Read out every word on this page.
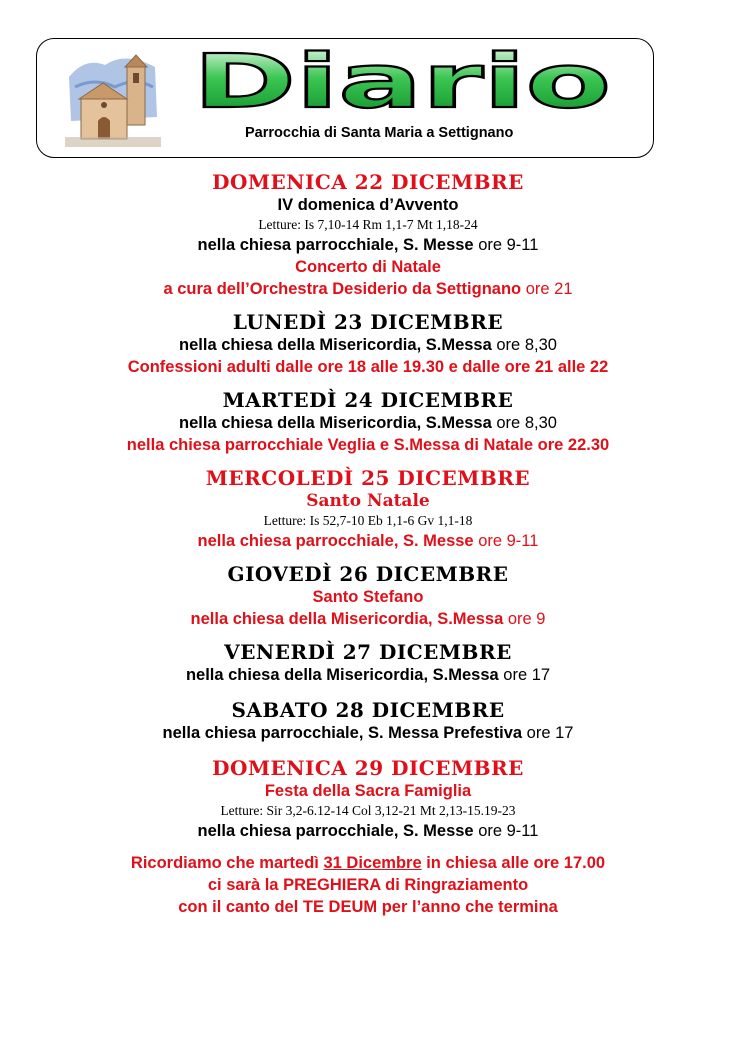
Diario
Parrocchia di Santa Maria a Settignano
DOMENICA 22 DICEMBRE
IV domenica d’Avvento
Letture: Is 7,10-14 Rm 1,1-7 Mt 1,18-24
nella chiesa parrocchiale, S. Messe ore 9-11
Concerto di Natale
a cura dell’Orchestra Desiderio da Settignano ore 21
LUNEDÌ 23 DICEMBRE
nella chiesa della Misericordia, S.Messa ore 8,30
Confessioni adulti dalle ore 18 alle 19.30 e dalle ore 21 alle 22
MARTEDÌ 24 DICEMBRE
nella chiesa della Misericordia, S.Messa ore 8,30
nella chiesa parrocchiale Veglia e S.Messa di Natale ore 22.30
MERCOLEDÌ 25 DICEMBRE
Santo Natale
Letture: Is 52,7-10 Eb 1,1-6 Gv 1,1-18
nella chiesa parrocchiale, S. Messe ore 9-11
GIOVEDÌ 26 DICEMBRE
Santo Stefano
nella chiesa della Misericordia, S.Messa ore 9
VENERDÌ 27 DICEMBRE
nella chiesa della Misericordia, S.Messa ore 17
SABATO 28 DICEMBRE
nella chiesa parrocchiale, S. Messa Prefestiva ore 17
DOMENICA 29 DICEMBRE
Festa della Sacra Famiglia
Letture: Sir 3,2-6.12-14 Col 3,12-21 Mt 2,13-15.19-23
nella chiesa parrocchiale, S. Messe ore 9-11
Ricordiamo che martedì 31 Dicembre in chiesa alle ore 17.00
ci sarà la PREGHIERA di Ringraziamento
con il canto del TE DEUM per l’anno che termina
